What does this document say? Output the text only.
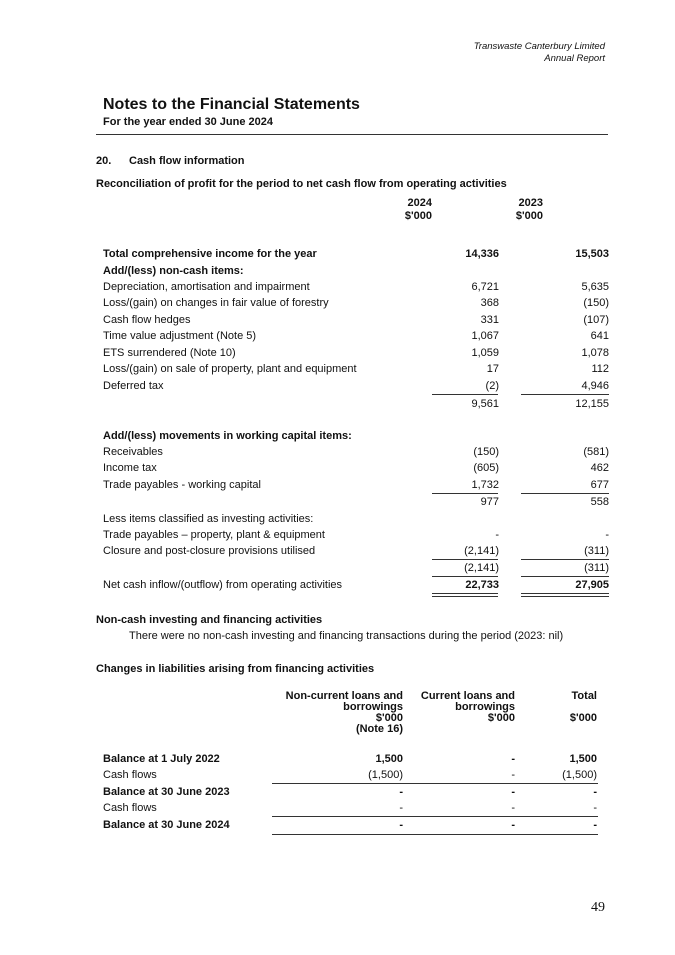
Transwaste Canterbury Limited
Annual Report
Notes to the Financial Statements
For the year ended 30 June 2024
20. Cash flow information
Reconciliation of profit for the period to net cash flow from operating activities
2024
$'000
2023
$'000
Total comprehensive income for the year	14,336	15,503
Add/(less) non-cash items:
Depreciation, amortisation and impairment	6,721	5,635
Loss/(gain) on changes in fair value of forestry	368	(150)
Cash flow hedges	331	(107)
Time value adjustment (Note 5)	1,067	641
ETS surrendered (Note 10)	1,059	1,078
Loss/(gain) on sale of property, plant and equipment	17	112
Deferred tax	(2)	4,946
9,561	12,155
Add/(less) movements in working capital items:
Receivables	(150)	(581)
Income tax	(605)	462
Trade payables - working capital	1,732	677
977	558
Less items classified as investing activities:
Trade payables – property, plant & equipment	-	-
Closure and post-closure provisions utilised	(2,141)	(311)
(2,141)	(311)
Net cash inflow/(outflow) from operating activities	22,733	27,905
Non-cash investing and financing activities
There were no non-cash investing and financing transactions during the period (2023: nil)
Changes in liabilities arising from financing activities
Non-current loans and
borrowings
$'000
(Note 16)
Current loans and
borrowings
$'000
Total
$'000
Balance at 1 July 2022	1,500	-	1,500
Cash flows	(1,500)	-	(1,500)
Balance at 30 June 2023	-	-	-
Cash flows	-	-	-
Balance at 30 June 2024	-	-	-
49
